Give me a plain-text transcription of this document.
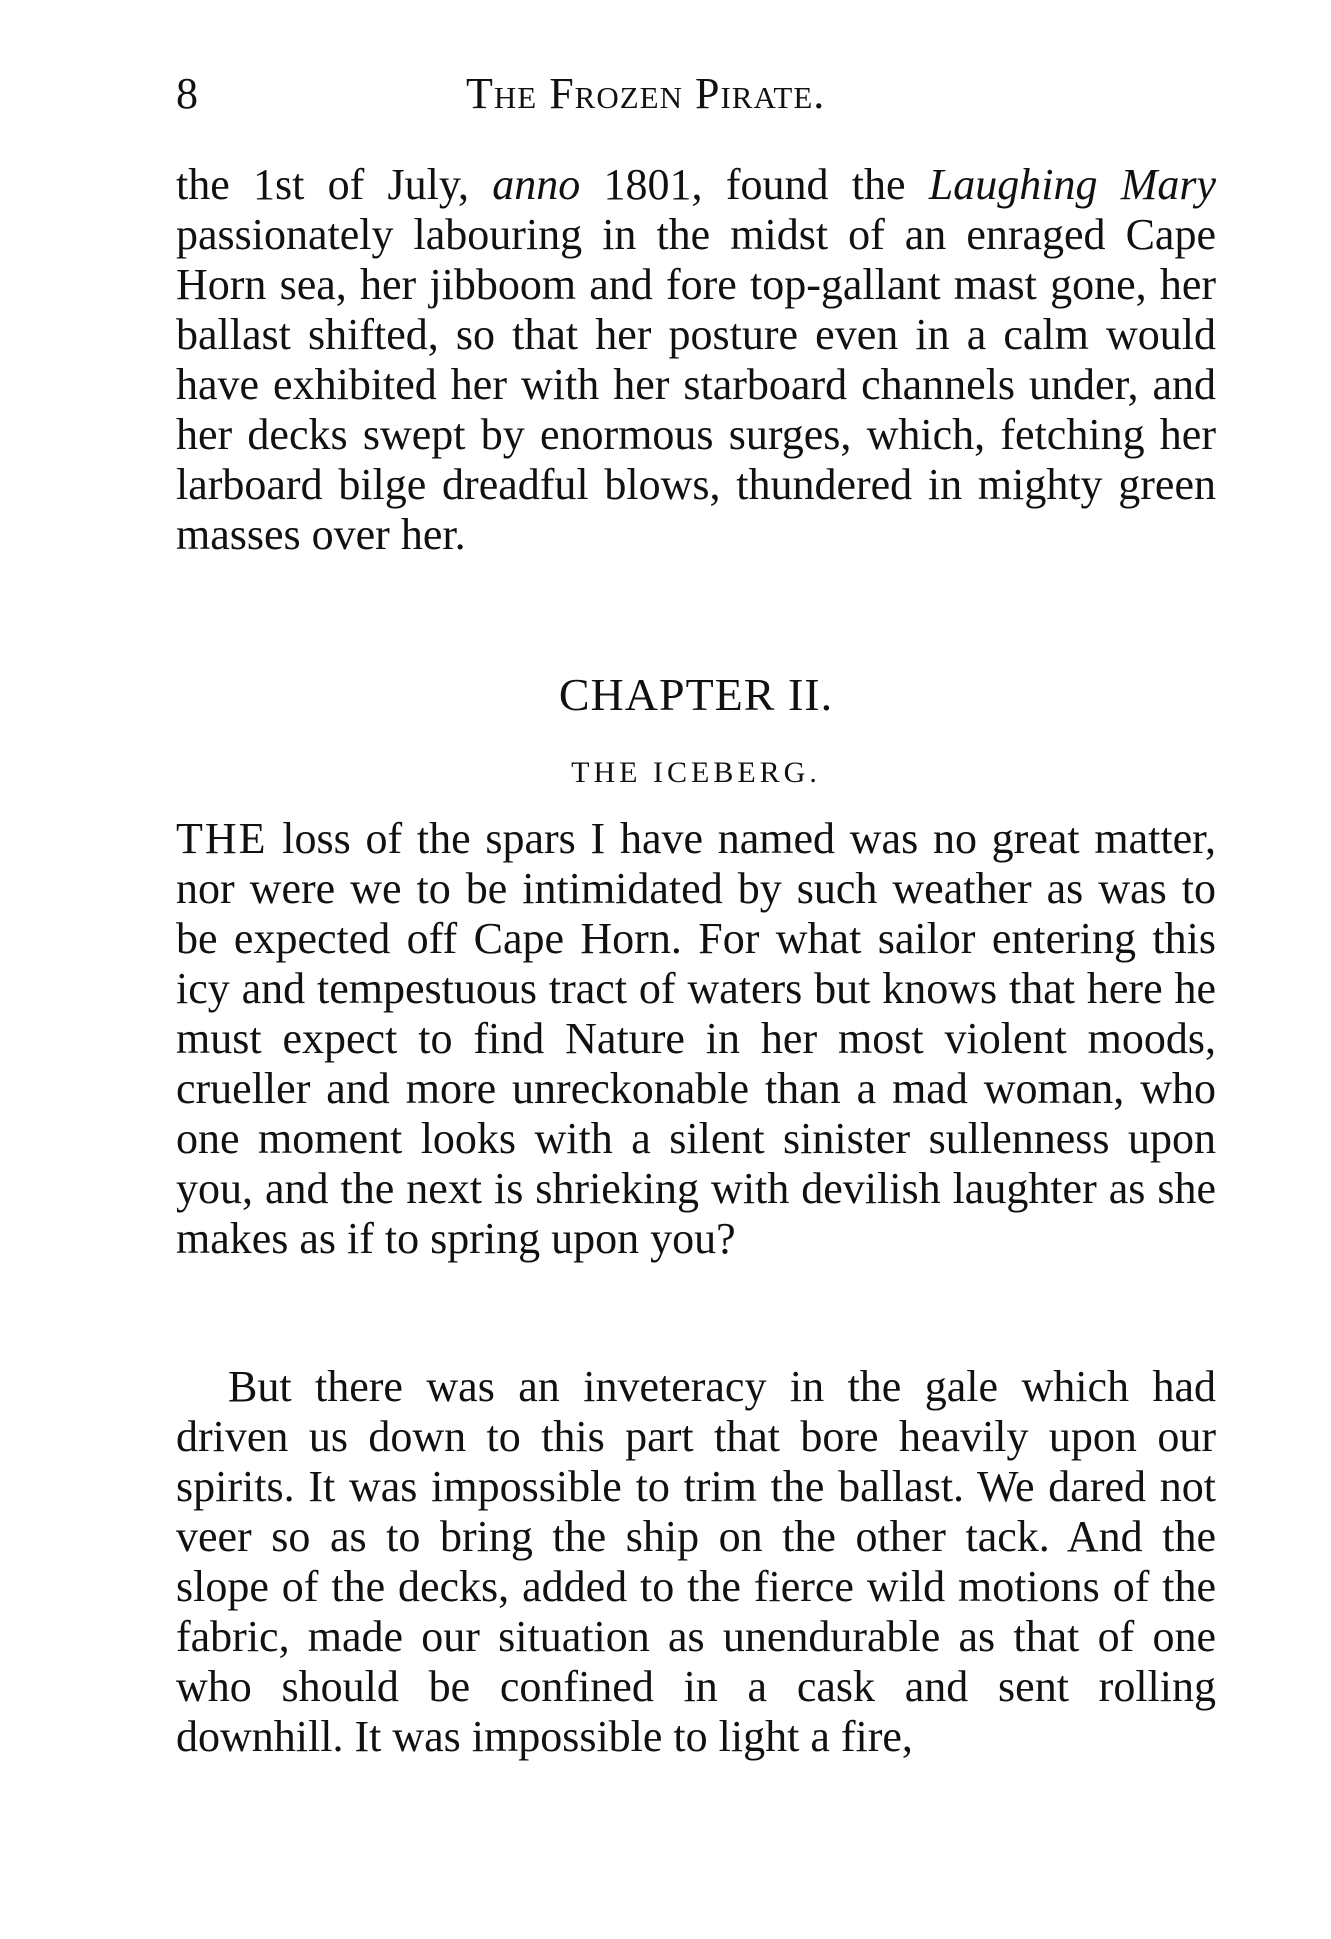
8	The Frozen Pirate.

the 1st of July, anno 1801, found the Laughing Mary passionately labouring in the midst of an enraged Cape Horn sea, her jibboom and fore top-gallant mast gone, her ballast shifted, so that her posture even in a calm would have exhibited her with her starboard channels under, and her decks swept by enormous surges, which, fetching her larboard bilge dreadful blows, thundered in mighty green masses over her.

CHAPTER II.
THE ICEBERG.

THE loss of the spars I have named was no great matter, nor were we to be intimidated by such weather as was to be expected off Cape Horn. For what sailor entering this icy and tempestuous tract of waters but knows that here he must expect to find Nature in her most violent moods, crueller and more unreckonable than a mad woman, who one moment looks with a silent sinister sullenness upon you, and the next is shrieking with devilish laughter as she makes as if to spring upon you?

But there was an inveteracy in the gale which had driven us down to this part that bore heavily upon our spirits. It was impossible to trim the ballast. We dared not veer so as to bring the ship on the other tack. And the slope of the decks, added to the fierce wild motions of the fabric, made our situation as unendurable as that of one who should be confined in a cask and sent rolling downhill. It was impossible to light a fire,
